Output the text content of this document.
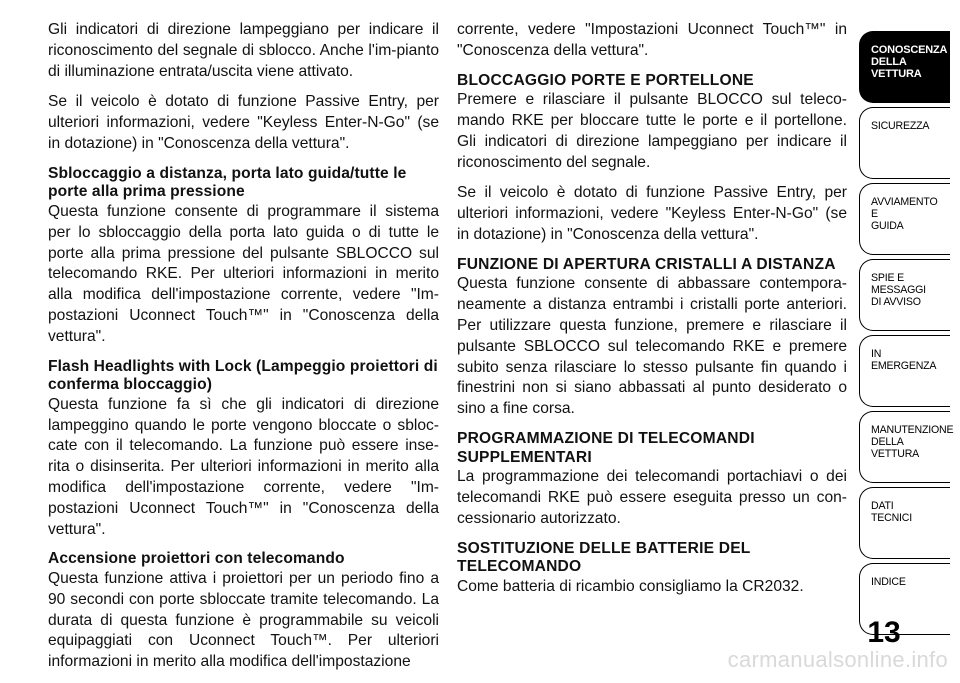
Gli indicatori di direzione lampeggiano per indicare il riconoscimento del segnale di sblocco. Anche l'im-pianto di illuminazione entrata/uscita viene attivato.

Se il veicolo è dotato di funzione Passive Entry, per ulteriori informazioni, vedere "Keyless Enter-N-Go" (se in dotazione) in "Conoscenza della vettura".

Sbloccaggio a distanza, porta lato guida/tutte le porte alla prima pressione

Questa funzione consente di programmare il sistema per lo sbloccaggio della porta lato guida o di tutte le porte alla prima pressione del pulsante SBLOCCO sul telecomando RKE. Per ulteriori informazioni in merito alla modifica dell'impostazione corrente, vedere "Im-postazioni Uconnect Touch™" in "Conoscenza della vettura".

Flash Headlights with Lock (Lampeggio proiettori di conferma bloccaggio)

Questa funzione fa sì che gli indicatori di direzione lampeggino quando le porte vengono bloccate o sbloc-cate con il telecomando. La funzione può essere inse-rita o disinserita. Per ulteriori informazioni in merito alla modifica dell'impostazione corrente, vedere "Im-postazioni Uconnect Touch™" in "Conoscenza della vettura".

Accensione proiettori con telecomando

Questa funzione attiva i proiettori per un periodo fino a 90 secondi con porte sbloccate tramite telecomando. La durata di questa funzione è programmabile su veicoli equipaggiati con Uconnect Touch™. Per ulteriori informazioni in merito alla modifica dell'impostazione

corrente, vedere "Impostazioni Uconnect Touch™" in "Conoscenza della vettura".

BLOCCAGGIO PORTE E PORTELLONE

Premere e rilasciare il pulsante BLOCCO sul teleco-mando RKE per bloccare tutte le porte e il portellone. Gli indicatori di direzione lampeggiano per indicare il riconoscimento del segnale.

Se il veicolo è dotato di funzione Passive Entry, per ulteriori informazioni, vedere "Keyless Enter-N-Go" (se in dotazione) in "Conoscenza della vettura".

FUNZIONE DI APERTURA CRISTALLI A DISTANZA

Questa funzione consente di abbassare contempora-neamente a distanza entrambi i cristalli porte anteriori. Per utilizzare questa funzione, premere e rilasciare il pulsante SBLOCCO sul telecomando RKE e premere subito senza rilasciare lo stesso pulsante fin quando i finestrini non si siano abbassati al punto desiderato o sino a fine corsa.

PROGRAMMAZIONE DI TELECOMANDI SUPPLEMENTARI

La programmazione dei telecomandi portachiavi o dei telecomandi RKE può essere eseguita presso un con-cessionario autorizzato.

SOSTITUZIONE DELLE BATTERIE DEL TELECOMANDO

Come batteria di ricambio consigliamo la CR2032.

CONOSCENZA
DELLA
VETTURA
SICUREZZA
AVVIAMENTO
E
GUIDA
SPIE E
MESSAGGI
DI AVVISO
IN
EMERGENZA
MANUTENZIONE
DELLA
VETTURA
DATI
TECNICI
INDICE
13
carmanualsonline.info
